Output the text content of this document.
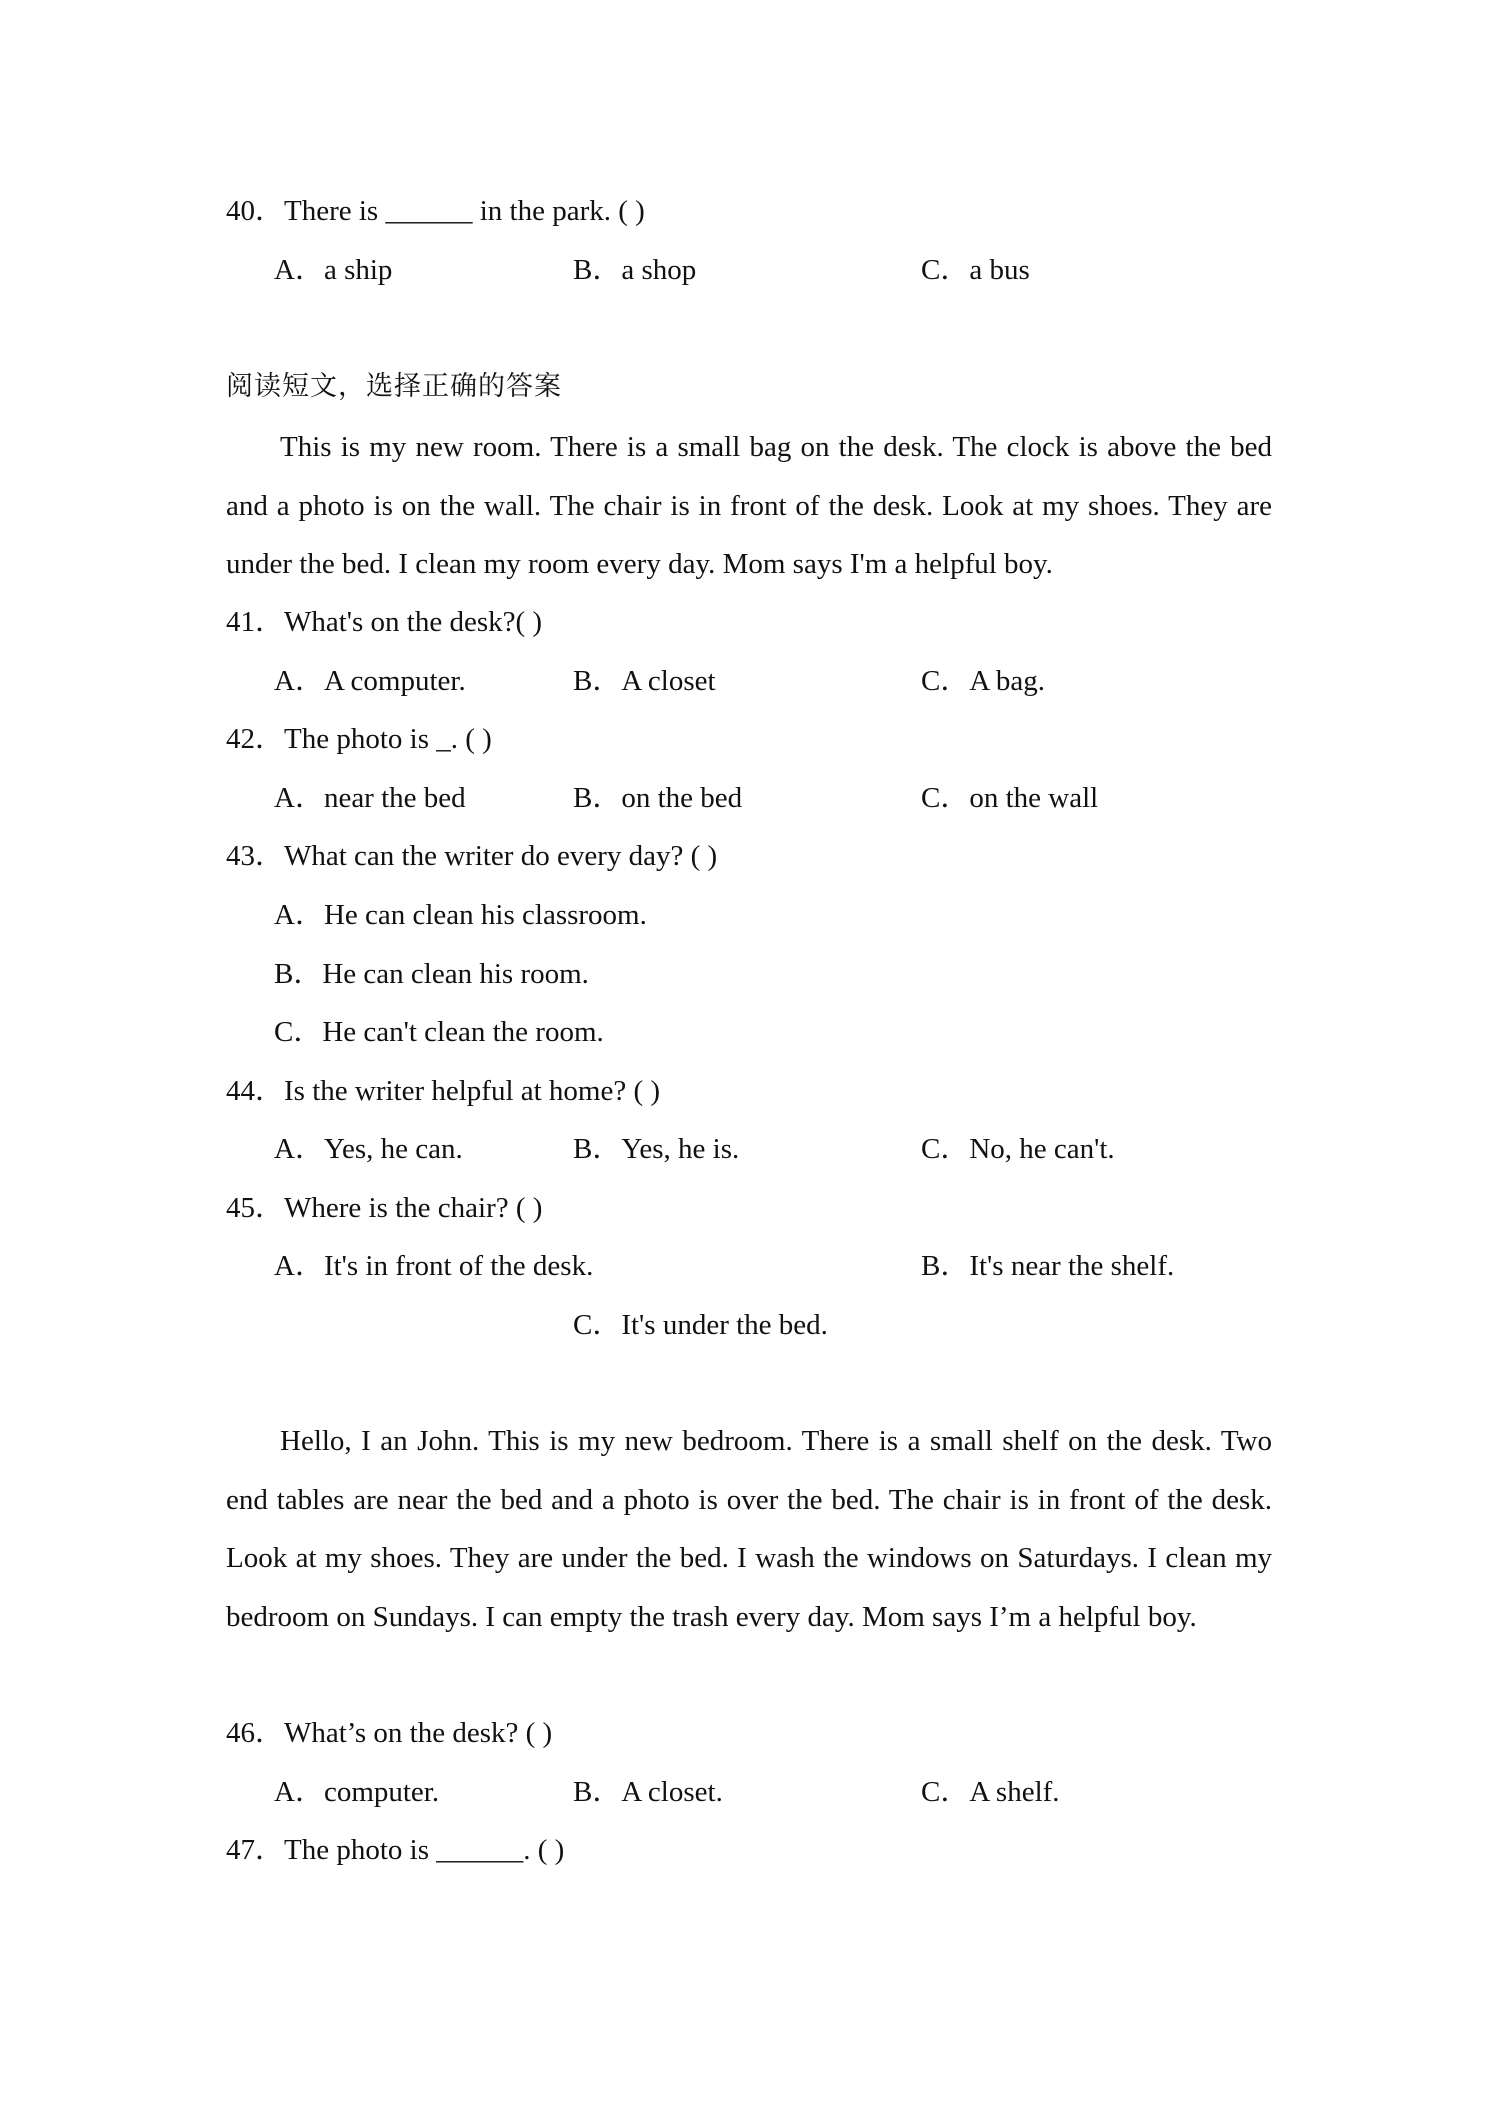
40．There is ______ in the park. ( )
A．a ship	B．a shop	C．a bus
阅读短文，选择正确的答案

This is my new room. There is a small bag on the desk. The clock is above the bed and a photo is on the wall. The chair is in front of the desk. Look at my shoes. They are under the bed. I clean my room every day. Mom says I'm a helpful boy.

41．What's on the desk?( )
A．A computer.	B．A closet	C．A bag.
42．The photo is _. ( )
A．near the bed	B．on the bed	C．on the wall
43．What can the writer do every day? ( )
A．He can clean his classroom.
B．He can clean his room.
C．He can't clean the room.
44．Is the writer helpful at home? ( )
A．Yes, he can.	B．Yes, he is.	C．No, he can't.
45．Where is the chair? ( )
A．It's in front of the desk.	B．It's near the shelf.
C．It's under the bed.

Hello, I an John. This is my new bedroom. There is a small shelf on the desk. Two end tables are near the bed and a photo is over the bed. The chair is in front of the desk. Look at my shoes. They are under the bed. I wash the windows on Saturdays. I clean my bedroom on Sundays. I can empty the trash every day. Mom says I’m a helpful boy.

46．What’s on the desk? ( )
A．computer.	B．A closet.	C．A shelf.
47．The photo is ______. ( )
